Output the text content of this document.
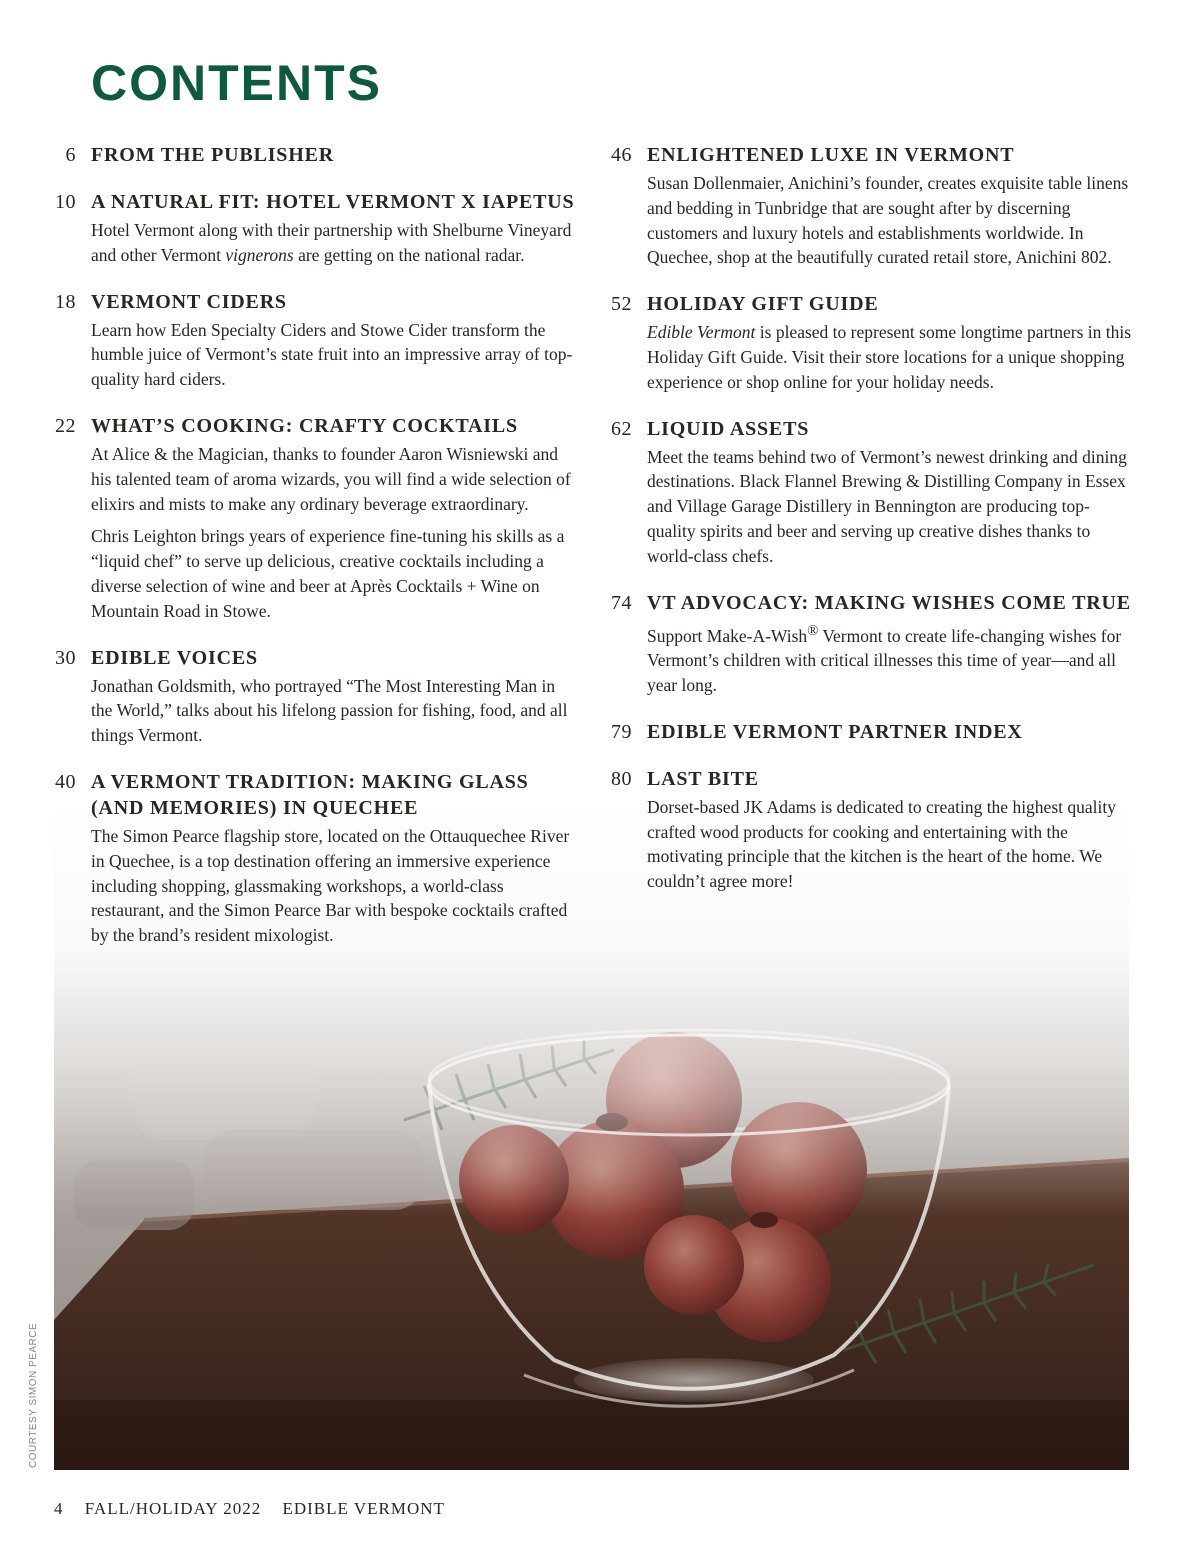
CONTENTS
6 FROM THE PUBLISHER
10 A NATURAL FIT: HOTEL VERMONT X IAPETUS

Hotel Vermont along with their partnership with Shelburne Vineyard and other Vermont vignerons are getting on the national radar.

18 VERMONT CIDERS

Learn how Eden Specialty Ciders and Stowe Cider transform the humble juice of Vermont’s state fruit into an impressive array of top-quality hard ciders.

22 WHAT’S COOKING: CRAFTY COCKTAILS

At Alice & the Magician, thanks to founder Aaron Wisniewski and his talented team of aroma wizards, you will find a wide selection of elixirs and mists to make any ordinary beverage extraordinary.

Chris Leighton brings years of experience fine-tuning his skills as a “liquid chef” to serve up delicious, creative cocktails including a diverse selection of wine and beer at Après Cocktails + Wine on Mountain Road in Stowe.

30 EDIBLE VOICES

Jonathan Goldsmith, who portrayed “The Most Interesting Man in the World,” talks about his lifelong passion for fishing, food, and all things Vermont.

40 A VERMONT TRADITION: MAKING GLASS (AND MEMORIES) IN QUECHEE

The Simon Pearce flagship store, located on the Ottauquechee River in Quechee, is a top destination offering an immersive experience including shopping, glassmaking workshops, a world-class restaurant, and the Simon Pearce Bar with bespoke cocktails crafted by the brand’s resident mixologist.

46 ENLIGHTENED LUXE IN VERMONT

Susan Dollenmaier, Anichini’s founder, creates exquisite table linens and bedding in Tunbridge that are sought after by discerning customers and luxury hotels and establishments worldwide. In Quechee, shop at the beautifully curated retail store, Anichini 802.

52 HOLIDAY GIFT GUIDE

Edible Vermont is pleased to represent some longtime partners in this Holiday Gift Guide. Visit their store locations for a unique shopping experience or shop online for your holiday needs.

62 LIQUID ASSETS

Meet the teams behind two of Vermont’s newest drinking and dining destinations. Black Flannel Brewing & Distilling Company in Essex and Village Garage Distillery in Bennington are producing top-quality spirits and beer and serving up creative dishes thanks to world-class chefs.

74 VT ADVOCACY: MAKING WISHES COME TRUE

Support Make-A-Wish® Vermont to create life-changing wishes for Vermont’s children with critical illnesses this time of year—and all year long.

79 EDIBLE VERMONT PARTNER INDEX
80 LAST BITE

Dorset-based JK Adams is dedicated to creating the highest quality crafted wood products for cooking and entertaining with the motivating principle that the kitchen is the heart of the home. We couldn’t agree more!

COURTESY SIMON PEARCE
4 FALL/HOLIDAY 2022 EDIBLE VERMONT
